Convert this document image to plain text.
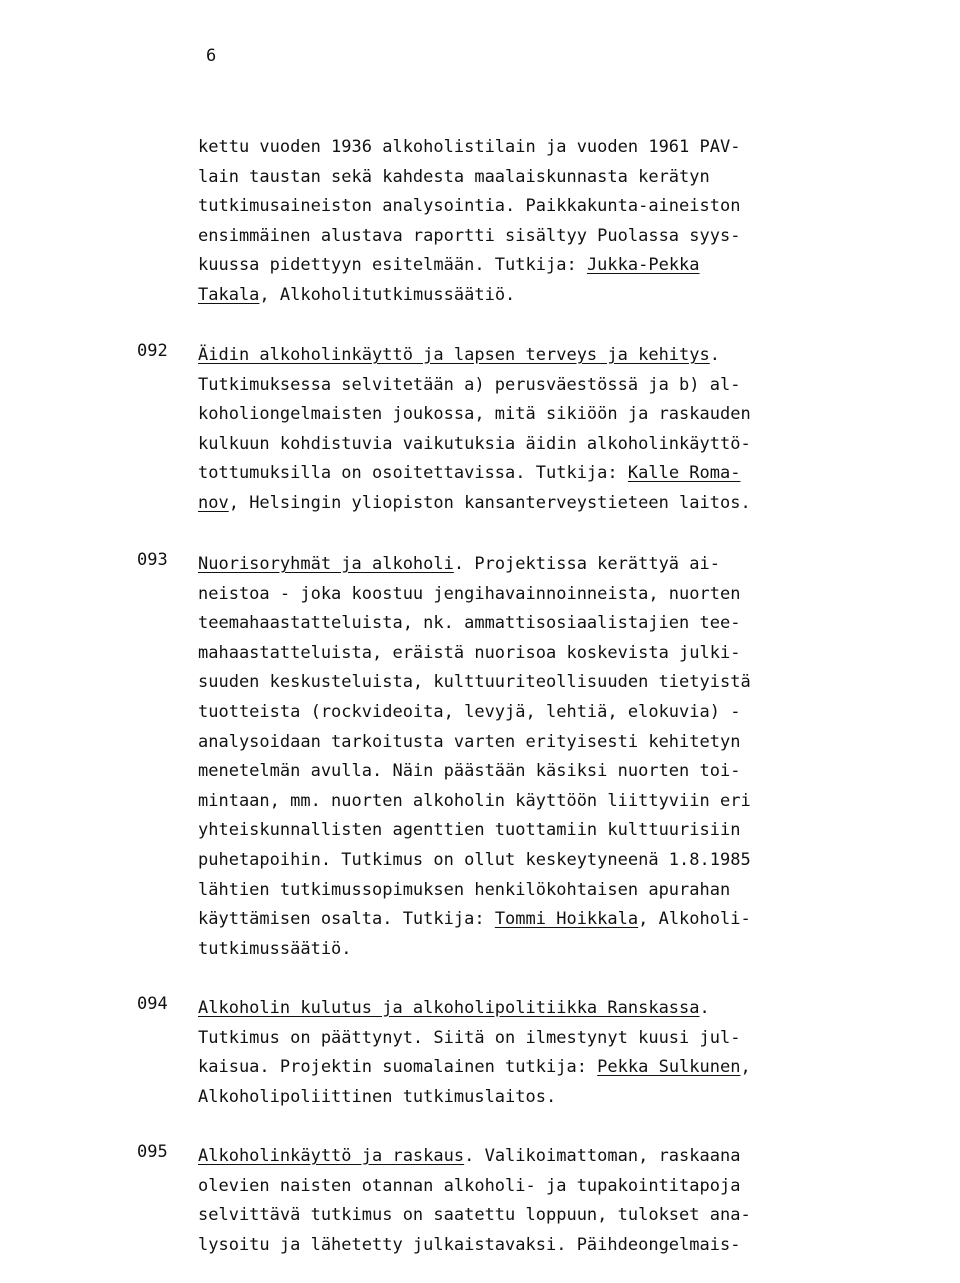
6
kettu vuoden 1936 alkoholistilain ja vuoden 1961 PAV-
lain taustan sekä kahdesta maalaiskunnasta kerätyn
tutkimusaineiston analysointia. Paikkakunta-aineiston
ensimmäinen alustava raportti sisältyy Puolassa syys-
kuussa pidettyyn esitelmään. Tutkija: Jukka-Pekka
Takala, Alkoholitutkimussäätiö.
092 Äidin alkoholinkäyttö ja lapsen terveys ja kehitys.
Tutkimuksessa selvitetään a) perusväestössä ja b) al-
koholiongelmaisten joukossa, mitä sikiöön ja raskauden
kulkuun kohdistuvia vaikutuksia äidin alkoholinkäyttö-
tottumuksilla on osoitettavissa. Tutkija: Kalle Roma-
nov, Helsingin yliopiston kansanterveystieteen laitos.
093 Nuorisoryhmät ja alkoholi. Projektissa kerättyä ai-
neistoa - joka koostuu jengihavainnoinneista, nuorten
teemahaastatteluista, nk. ammattisosiaalistajien tee-
mahaastatteluista, eräistä nuorisoa koskevista julki-
suuden keskusteluista, kulttuuriteollisuuden tietyistä
tuotteista (rockvideoita, levyjä, lehtiä, elokuvia) -
analysoidaan tarkoitusta varten erityisesti kehitetyn
menetelmän avulla. Näin päästään käsiksi nuorten toi-
mintaan, mm. nuorten alkoholin käyttöön liittyviin eri
yhteiskunnallisten agenttien tuottamiin kulttuurisiin
puhetapoihin. Tutkimus on ollut keskeytyneenä 1.8.1985
lähtien tutkimussopimuksen henkilökohtaisen apurahan
käyttämisen osalta. Tutkija: Tommi Hoikkala, Alkoholi-
tutkimussäätiö.
094 Alkoholin kulutus ja alkoholipolitiikka Ranskassa.
Tutkimus on päättynyt. Siitä on ilmestynyt kuusi jul-
kaisua. Projektin suomalainen tutkija: Pekka Sulkunen,
Alkoholipoliittinen tutkimuslaitos.
095 Alkoholinkäyttö ja raskaus. Valikoimattoman, raskaana
olevien naisten otannan alkoholi- ja tupakointitapoja
selvittävä tutkimus on saatettu loppuun, tulokset ana-
lysoitu ja lähetetty julkaistavaksi. Päihdeongelmais-
